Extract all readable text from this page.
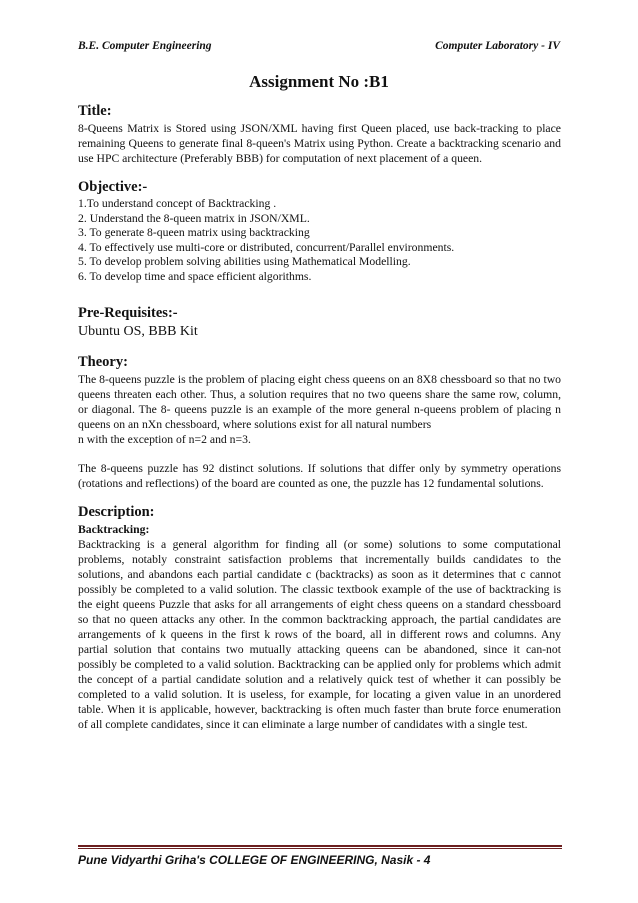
B.E. Computer Engineering	Computer Laboratory - IV
Assignment No :B1

Title:

8-Queens Matrix is Stored using JSON/XML having first Queen placed, use back-tracking to place remaining Queens to generate final 8-queen's Matrix using Python. Create a backtracking scenario and use HPC architecture (Preferably BBB) for computation of next placement of a queen.

Objective:-

1.To understand concept of Backtracking .
2. Understand the 8-queen matrix in JSON/XML.
3. To generate 8-queen matrix using backtracking
4. To effectively use multi-core or distributed, concurrent/Parallel environments.
5. To develop problem solving abilities using Mathematical Modelling.
6. To develop time and space efficient algorithms.

Pre-Requisites:-

Ubuntu OS, BBB Kit

Theory:

The 8-queens puzzle is the problem of placing eight chess queens on an 8X8 chessboard so that no two queens threaten each other. Thus, a solution requires that no two queens share the same row, column, or diagonal. The 8- queens puzzle is an example of the more general n-queens problem of placing n queens on an nXn chessboard, where solutions exist for all natural numbers

n with the exception of n=2 and n=3.

The 8-queens puzzle has 92 distinct solutions. If solutions that differ only by symmetry operations (rotations and reflections) of the board are counted as one, the puzzle has 12 fundamental solutions.

Description:

Backtracking:

Backtracking is a general algorithm for finding all (or some) solutions to some computational problems, notably constraint satisfaction problems that incrementally builds candidates to the solutions, and abandons each partial candidate c (backtracks) as soon as it determines that c cannot possibly be completed to a valid solution. The classic textbook example of the use of backtracking is the eight queens Puzzle that asks for all arrangements of eight chess queens on a standard chessboard so that no queen attacks any other. In the common backtracking approach, the partial candidates are arrangements of k queens in the first k rows of the board, all in different rows and columns. Any partial solution that contains two mutually attacking queens can be abandoned, since it can-not possibly be completed to a valid solution. Backtracking can be applied only for problems which admit the concept of a partial candidate solution and a relatively quick test of whether it can possibly be completed to a valid solution. It is useless, for example, for locating a given value in an unordered table. When it is applicable, however, backtracking is often much faster than brute force enumeration of all complete candidates, since it can eliminate a large number of candidates with a single test.

Pune Vidyarthi Griha's COLLEGE OF ENGINEERING, Nasik - 4
